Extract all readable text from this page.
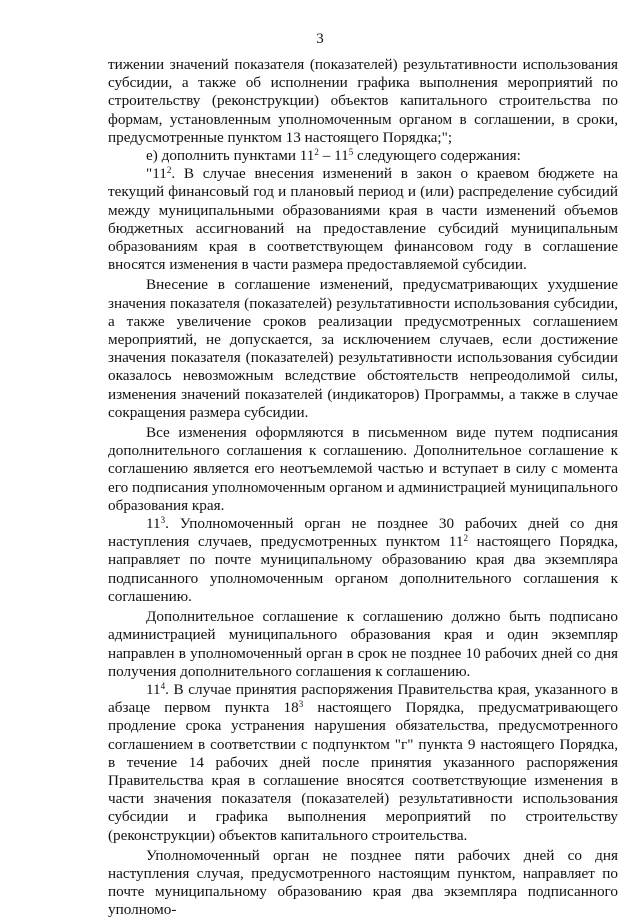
3

тижении значений показателя (показателей) результативности использования субсидии, а также об исполнении графика выполнения мероприятий по строительству (реконструкции) объектов капитального строительства по формам, установленным уполномоченным органом в соглашении, в сроки, предусмотренные пунктом 13 настоящего Порядка;";

е) дополнить пунктами $11^2 - 11^5$ следующего содержания:

"$11^2$. В случае внесения изменений в закон о краевом бюджете на текущий финансовый год и плановый период и (или) распределение субсидий между муниципальными образованиями края в части изменений объемов бюджетных ассигнований на предоставление субсидий муниципальным образованиям края в соответствующем финансовом году в соглашение вносятся изменения в части размера предоставляемой субсидии.

Внесение в соглашение изменений, предусматривающих ухудшение значения показателя (показателей) результативности использования субсидии, а также увеличение сроков реализации предусмотренных соглашением мероприятий, не допускается, за исключением случаев, если достижение значения показателя (показателей) результативности использования субсидии оказалось невозможным вследствие обстоятельств непреодолимой силы, изменения значений показателей (индикаторов) Программы, а также в случае сокращения размера субсидии.

Все изменения оформляются в письменном виде путем подписания дополнительного соглашения к соглашению. Дополнительное соглашение к соглашению является его неотъемлемой частью и вступает в силу с момента его подписания уполномоченным органом и администрацией муниципального образования края.

$11^3$. Уполномоченный орган не позднее 30 рабочих дней со дня наступления случаев, предусмотренных пунктом $11^2$ настоящего Порядка, направляет по почте муниципальному образованию края два экземпляра подписанного уполномоченным органом дополнительного соглашения к соглашению.

Дополнительное соглашение к соглашению должно быть подписано администрацией муниципального образования края и один экземпляр направлен в уполномоченный орган в срок не позднее 10 рабочих дней со дня получения дополнительного соглашения к соглашению.

$11^4$. В случае принятия распоряжения Правительства края, указанного в абзаце первом пункта $18^3$ настоящего Порядка, предусматривающего продление срока устранения нарушения обязательства, предусмотренного соглашением в соответствии с подпунктом "г" пункта 9 настоящего Порядка, в течение 14 рабочих дней после принятия указанного распоряжения Правительства края в соглашение вносятся соответствующие изменения в части значения показателя (показателей) результативности использования субсидии и графика выполнения мероприятий по строительству (реконструкции) объектов капитального строительства.

Уполномоченный орган не позднее пяти рабочих дней со дня наступления случая, предусмотренного настоящим пунктом, направляет по почте муниципальному образованию края два экземпляра подписанного уполномо-
